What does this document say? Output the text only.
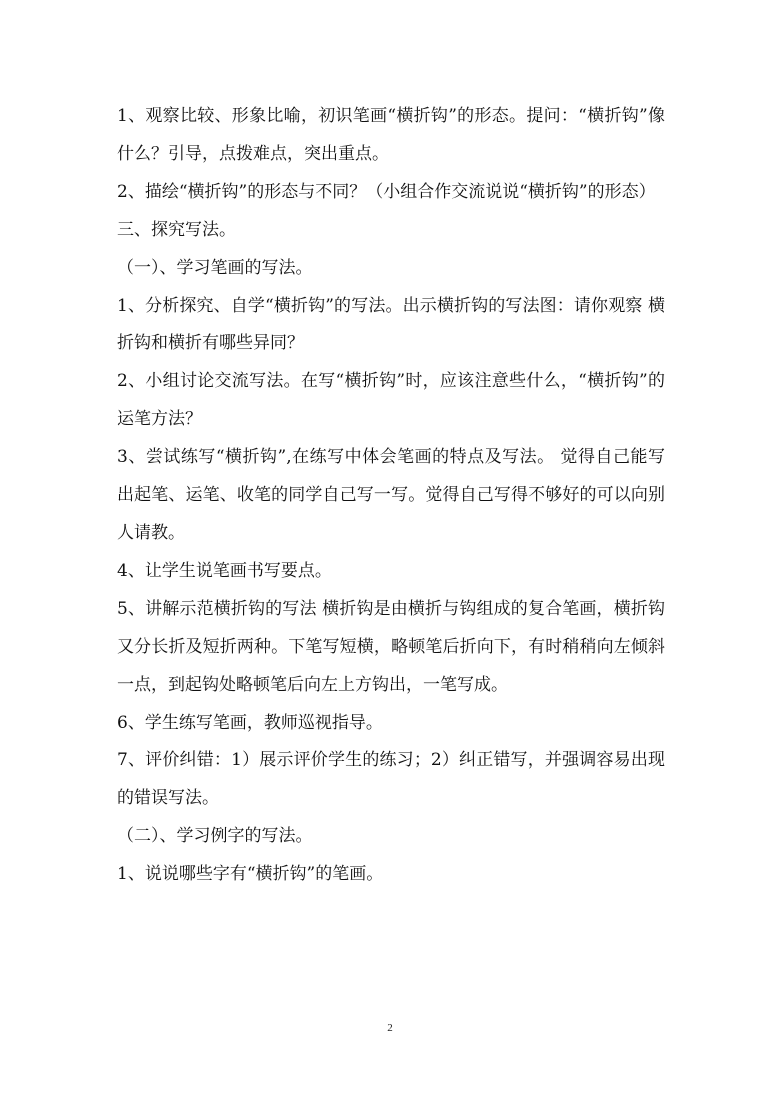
1、观察比较、形象比喻，初识笔画“横折钩”的形态。提问：“横折钩”像什么？引导，点拨难点，突出重点。

2、描绘“横折钩”的形态与不同？（小组合作交流说说“横折钩”的形态）

三、探究写法。

（一）、学习笔画的写法。

1、分析探究、自学“横折钩”的写法。出示横折钩的写法图：请你观察 横折钩和横折有哪些异同？

2、小组讨论交流写法。在写“横折钩”时，应该注意些什么，“横折钩”的运笔方法？

3、尝试练写“横折钩”,在练写中体会笔画的特点及写法。 觉得自己能写出起笔、运笔、收笔的同学自己写一写。觉得自己写得不够好的可以向别人请教。

4、让学生说笔画书写要点。

5、讲解示范横折钩的写法 横折钩是由横折与钩组成的复合笔画，横折钩又分长折及短折两种。下笔写短横，略顿笔后折向下，有时稍稍向左倾斜一点，到起钩处略顿笔后向左上方钩出，一笔写成。

6、学生练写笔画，教师巡视指导。

7、评价纠错：1）展示评价学生的练习；2）纠正错写，并强调容易出现的错误写法。

（二）、学习例字的写法。

1、说说哪些字有“横折钩”的笔画。

2
